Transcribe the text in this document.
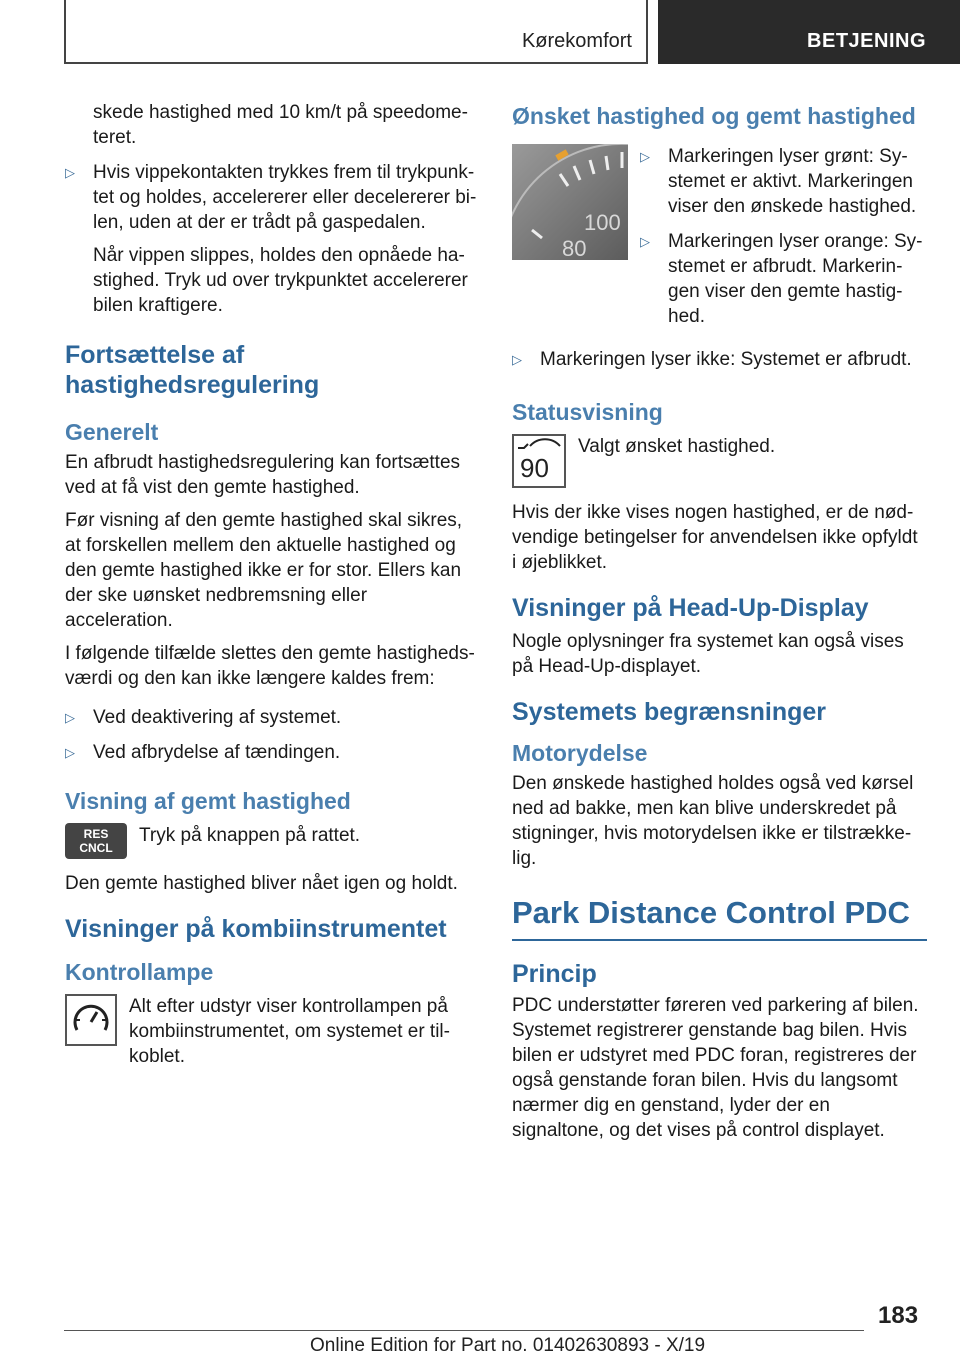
Kørekomfort	BETJENING

skede hastighed med 10 km/t på speedome‐teret.

▷ Hvis vippekontakten trykkes frem til trykpunk‐tet og holdes, accelererer eller decelererer bi‐len, uden at der er trådt på gaspedalen.

Når vippen slippes, holdes den opnåede ha‐stighed. Tryk ud over trykpunktet accelererer bilen kraftigere.

Fortsættelse af hastighedsregulering
Generelt

En afbrudt hastighedsregulering kan fortsættes ved at få vist den gemte hastighed.

Før visning af den gemte hastighed skal sikres, at forskellen mellem den aktuelle hastighed og den gemte hastighed ikke er for stor. Ellers kan der ske uønsket nedbremsning eller acceleration.

I følgende tilfælde slettes den gemte hastigheds‐værdi og den kan ikke længere kaldes frem:

▷ Ved deaktivering af systemet.

▷ Ved afbrydelse af tændingen.

Visning af gemt hastighed
RES
CNCL

Tryk på knappen på rattet.

Den gemte hastighed bliver nået igen og holdt.

Visninger på kombiinstrumentet
Kontrollampe

Alt efter udstyr viser kontrollampen på kombiinstrumentet, om systemet er til‐koblet.

Ønsket hastighed og gemt hastighed
100
80
▷ Markeringen lyser grønt: Sy‐stemet er aktivt. Markeringen viser den ønskede hastighed.

▷ Markeringen lyser orange: Sy‐stemet er afbrudt. Markerin‐gen viser den gemte hastig‐hed.

▷ Markeringen lyser ikke: Systemet er afbrudt.

Statusvisning
90

Valgt ønsket hastighed.

Hvis der ikke vises nogen hastighed, er de nød‐vendige betingelser for anvendelsen ikke opfyldt i øjeblikket.

Visninger på Head-Up-Display

Nogle oplysninger fra systemet kan også vises på Head-Up-displayet.

Systemets begrænsninger
Motorydelse

Den ønskede hastighed holdes også ved kørsel ned ad bakke, men kan blive underskredet på stigninger, hvis motorydelsen ikke er tilstrække‐lig.

Park Distance Control PDC
Princip

PDC understøtter føreren ved parkering af bilen. Systemet registrerer genstande bag bilen. Hvis bilen er udstyret med PDC foran, registreres der også genstande foran bilen. Hvis du langsomt nærmer dig en genstand, lyder der en signaltone, og det vises på control displayet.

183
Online Edition for Part no. 01402630893 - X/19
